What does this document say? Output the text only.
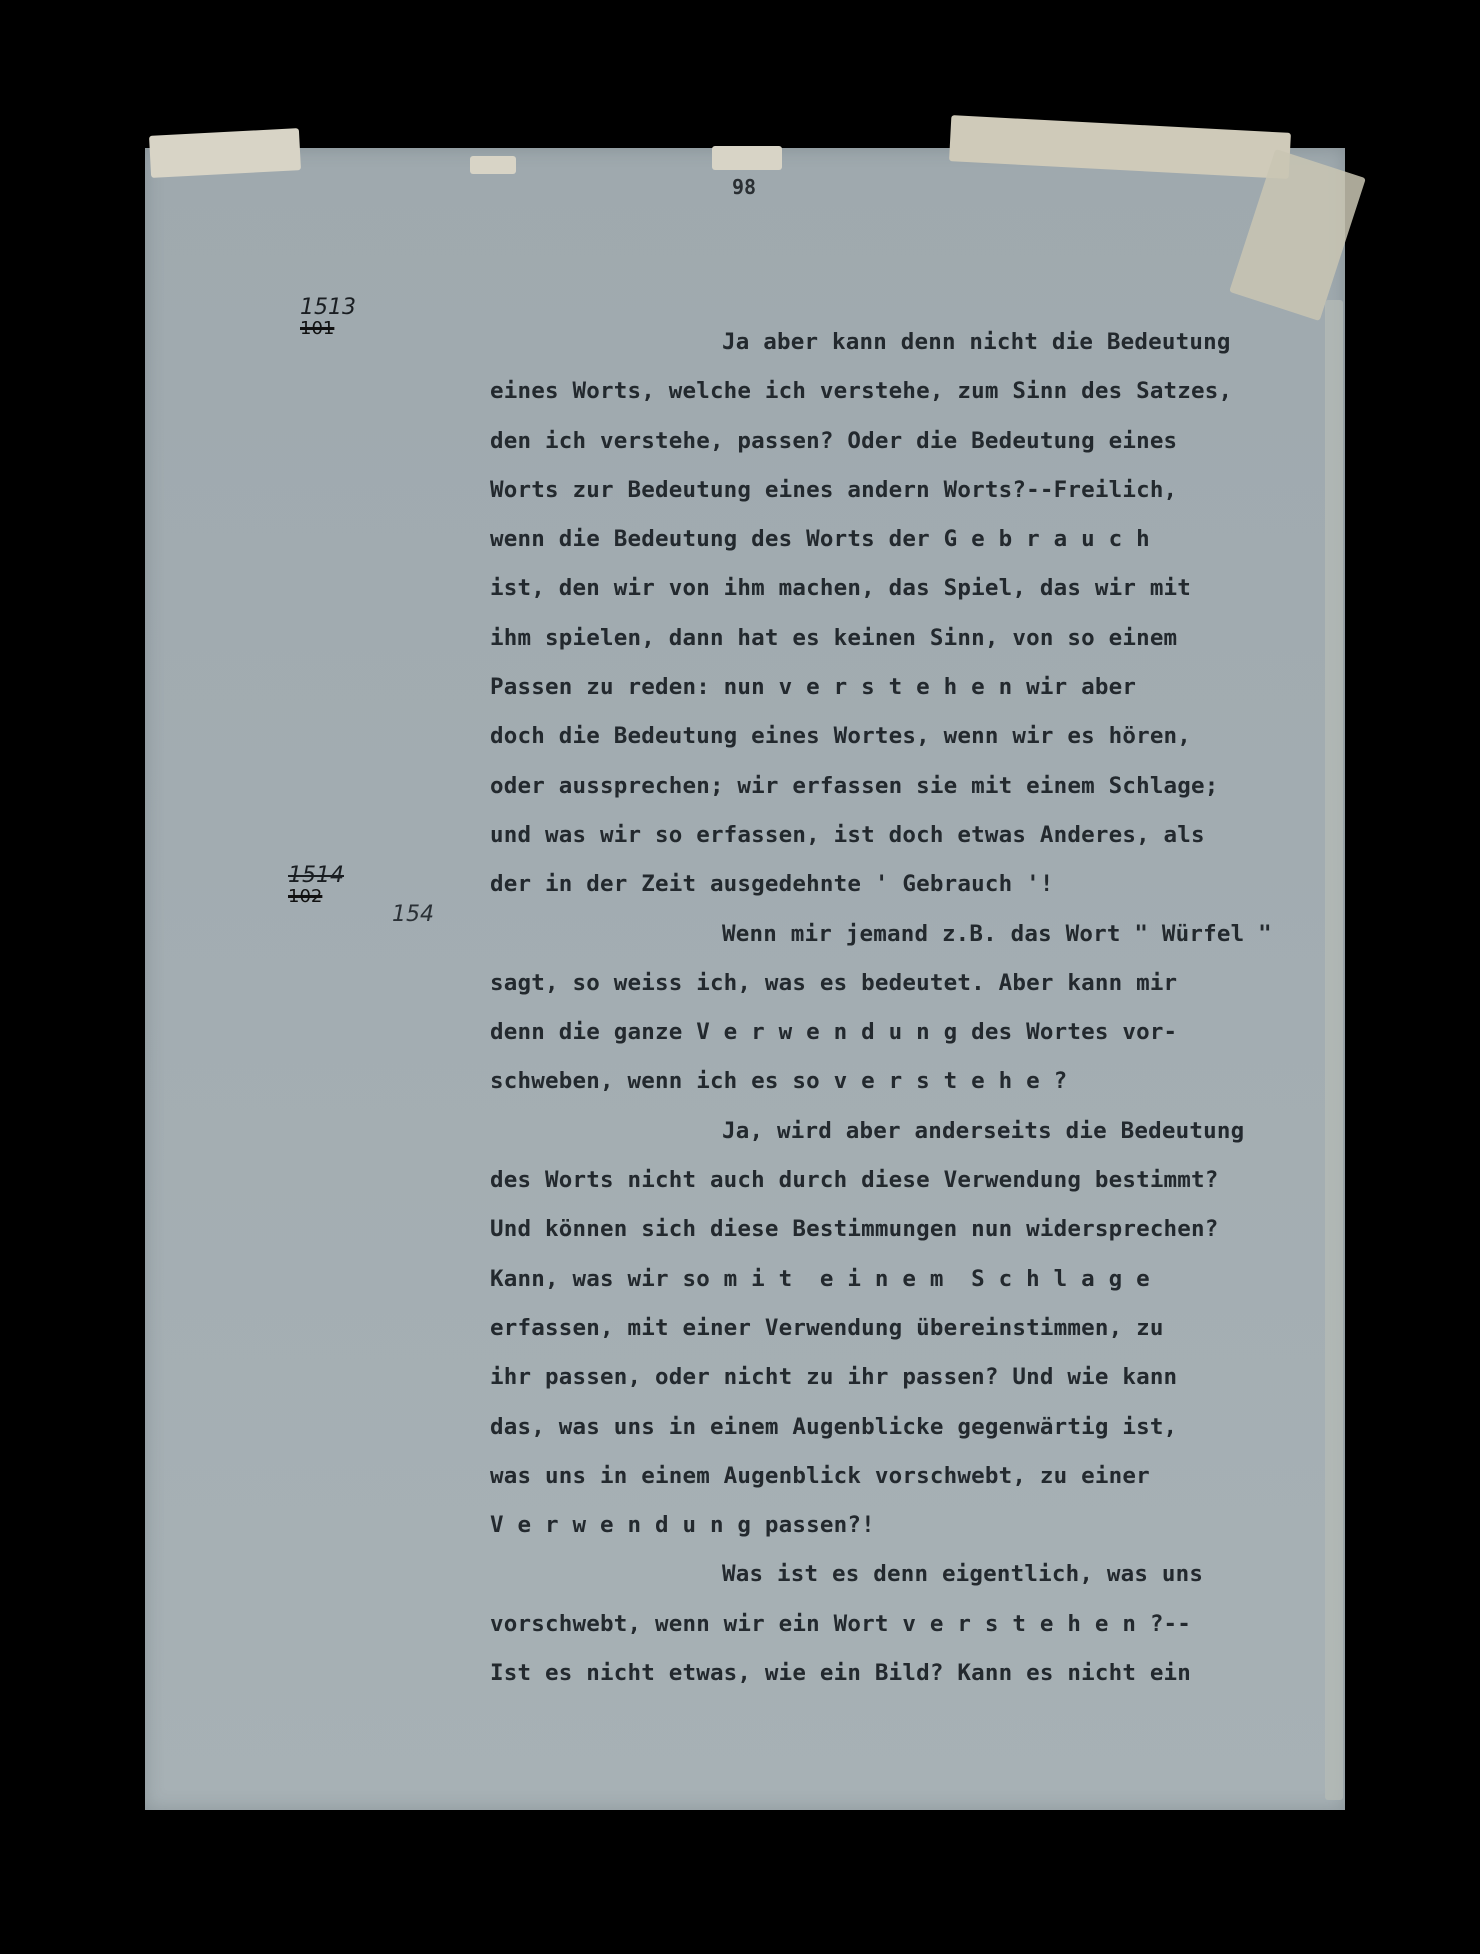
98
1513
101
1514
102
154
Ja aber kann denn nicht die Bedeutung
eines Worts, welche ich verstehe, zum Sinn des Satzes,
den ich verstehe, passen? Oder die Bedeutung eines
Worts zur Bedeutung eines andern Worts?--Freilich,
wenn die Bedeutung des Worts der G e b r a u c h
ist, den wir von ihm machen, das Spiel, das wir mit
ihm spielen, dann hat es keinen Sinn, von so einem
Passen zu reden: nun v e r s t e h e n wir aber
doch die Bedeutung eines Wortes, wenn wir es hören,
oder aussprechen; wir erfassen sie mit einem Schlage;
und was wir so erfassen, ist doch etwas Anderes, als
der in der Zeit ausgedehnte ' Gebrauch '!
Wenn mir jemand z.B. das Wort " Würfel "
sagt, so weiss ich, was es bedeutet. Aber kann mir
denn die ganze V e r w e n d u n g des Wortes vor-
schweben, wenn ich es so v e r s t e h e ?
Ja, wird aber anderseits die Bedeutung
des Worts nicht auch durch diese Verwendung bestimmt?
Und können sich diese Bestimmungen nun widersprechen?
Kann, was wir so m i t  e i n e m  S c h l a g e
erfassen, mit einer Verwendung übereinstimmen, zu
ihr passen, oder nicht zu ihr passen? Und wie kann
das, was uns in einem Augenblicke gegenwärtig ist,
was uns in einem Augenblick vorschwebt, zu einer
V e r w e n d u n g passen?!
Was ist es denn eigentlich, was uns
vorschwebt, wenn wir ein Wort v e r s t e h e n ?--
Ist es nicht etwas, wie ein Bild? Kann es nicht ein
